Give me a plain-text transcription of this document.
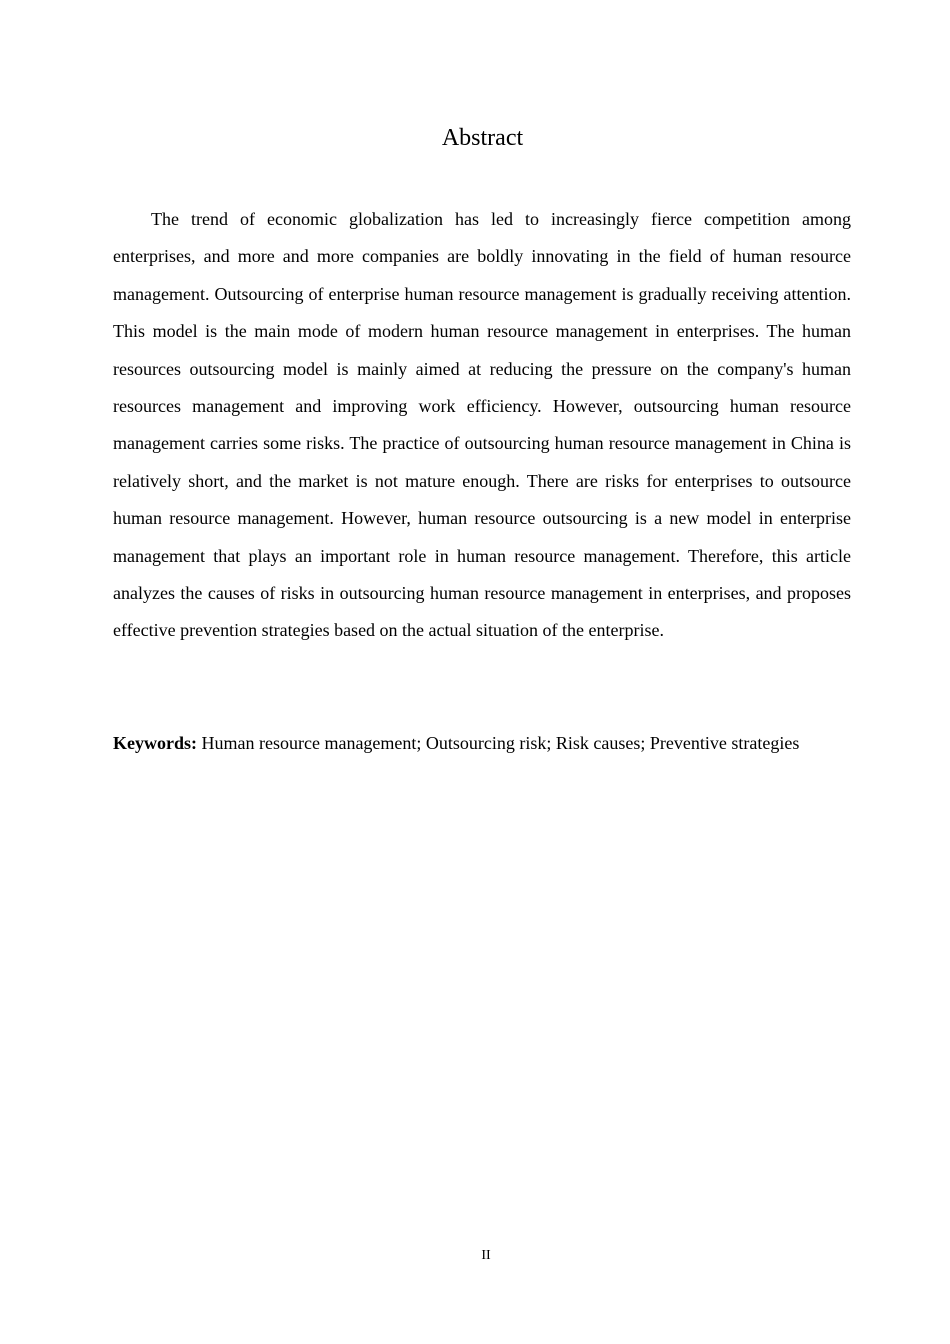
Abstract

The trend of economic globalization has led to increasingly fierce competition among enterprises, and more and more companies are boldly innovating in the field of human resource management. Outsourcing of enterprise human resource management is gradually receiving attention. This model is the main mode of modern human resource management in enterprises. The human resources outsourcing model is mainly aimed at reducing the pressure on the company's human resources management and improving work efficiency. However, outsourcing human resource management carries some risks. The practice of outsourcing human resource management in China is relatively short, and the market is not mature enough. There are risks for enterprises to outsource human resource management. However, human resource outsourcing is a new model in enterprise management that plays an important role in human resource management. Therefore, this article analyzes the causes of risks in outsourcing human resource management in enterprises, and proposes effective prevention strategies based on the actual situation of the enterprise.

Keywords: Human resource management; Outsourcing risk; Risk causes; Preventive strategies

II
